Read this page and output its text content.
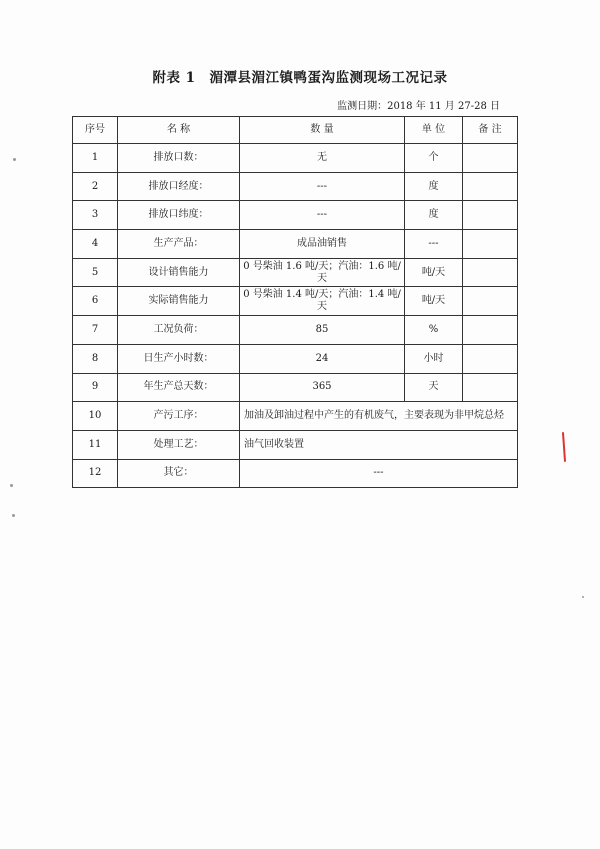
附表 1 湄潭县湄江镇鸭蛋沟监测现场工况记录
监测日期：2018 年 11 月 27-28 日
序号	名 称	数 量	单 位	备 注
1	排放口数：	无	个	
2	排放口经度：	---	度	
3	排放口纬度：	---	度	
4	生产产品：	成品油销售	---	
5	设计销售能力	0 号柴油 1.6 吨/天；汽油：1.6 吨/天	吨/天	
6	实际销售能力	0 号柴油 1.4 吨/天；汽油：1.4 吨/天	吨/天	
7	工况负荷：	85	%	
8	日生产小时数：	24	小时	
9	年生产总天数：	365	天	
10	产污工序：	加油及卸油过程中产生的有机废气，主要表现为非甲烷总烃		
11	处理工艺：	油气回收装置		
12	其它：	---		
